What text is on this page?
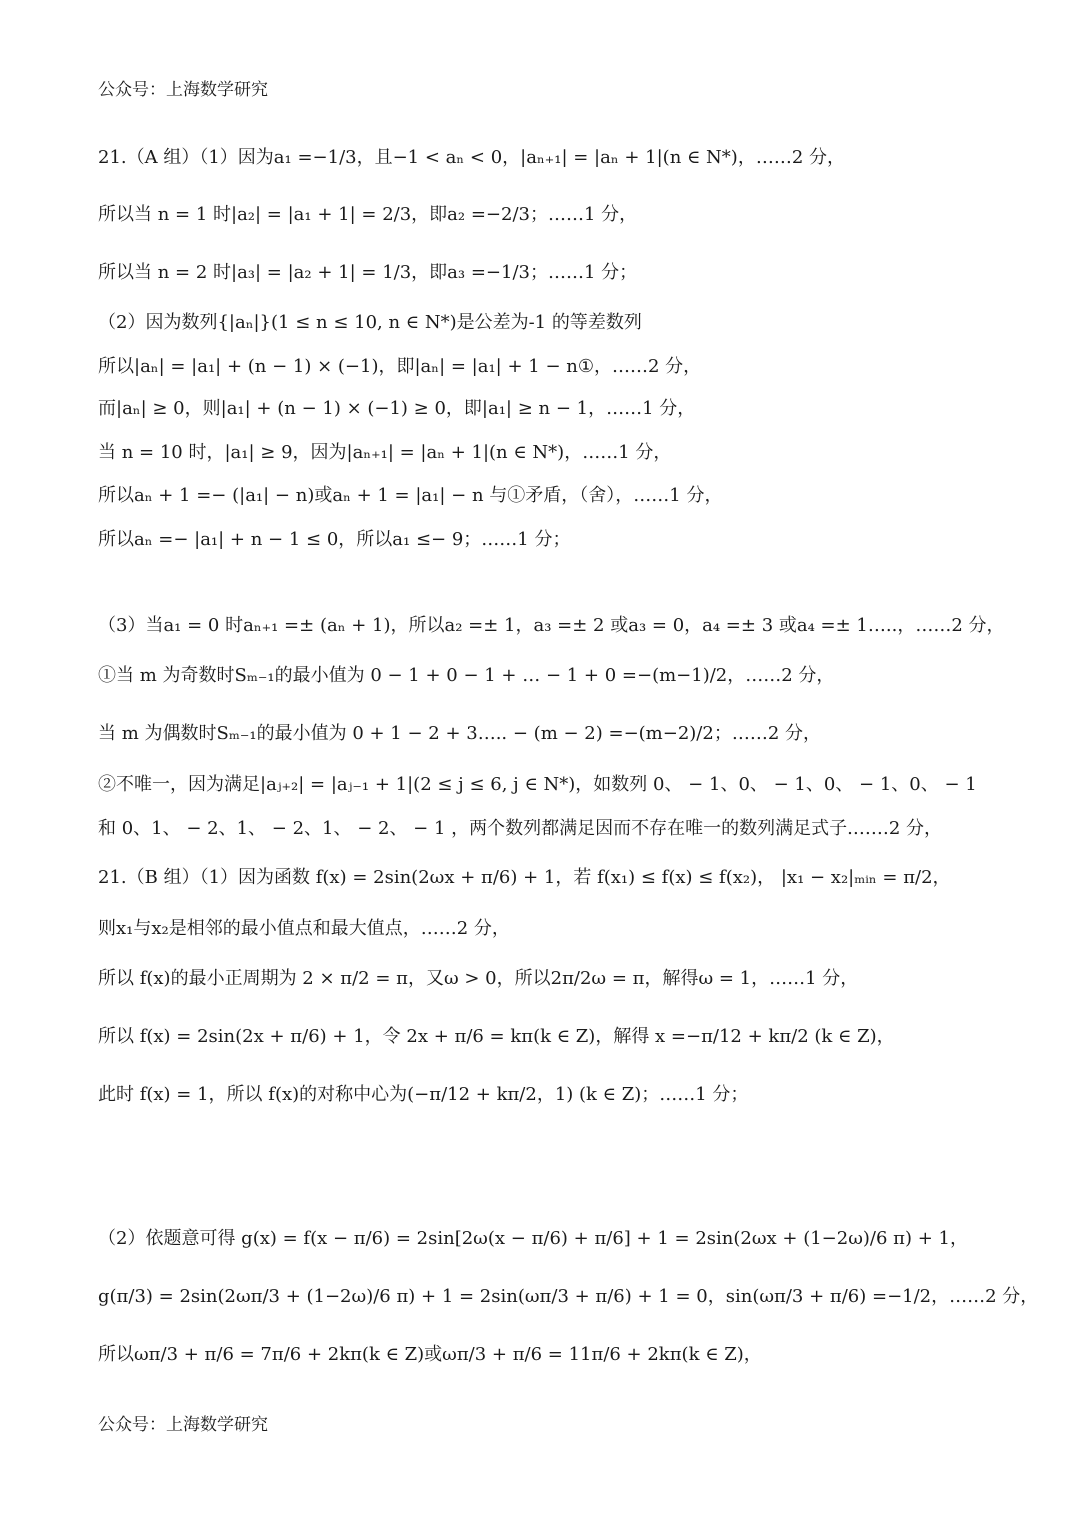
公众号：上海数学研究
21.（A 组）（1）因为a₁ =−1/3，且−1 < aₙ < 0，|aₙ₊₁| = |aₙ + 1|(n ∈ N*)，……2 分，
所以当 n = 1 时|a₂| = |a₁ + 1| = 2/3，即a₂ =−2/3；……1 分，
所以当 n = 2 时|a₃| = |a₂ + 1| = 1/3，即a₃ =−1/3；……1 分；
（2）因为数列{|aₙ|}(1 ≤ n ≤ 10, n ∈ N*)是公差为-1 的等差数列
所以|aₙ| = |a₁| + (n − 1) × (−1)，即|aₙ| = |a₁| + 1 − n①，……2 分，
而|aₙ| ≥ 0，则|a₁| + (n − 1) × (−1) ≥ 0，即|a₁| ≥ n − 1，……1 分，
当 n = 10 时，|a₁| ≥ 9，因为|aₙ₊₁| = |aₙ + 1|(n ∈ N*)，……1 分，
所以aₙ + 1 =− (|a₁| − n)或aₙ + 1 = |a₁| − n 与①矛盾，（舍），……1 分，
所以aₙ =− |a₁| + n − 1 ≤ 0，所以a₁ ≤− 9；……1 分；
（3）当a₁ = 0 时aₙ₊₁ =± (aₙ + 1)，所以a₂ =± 1，a₃ =± 2 或a₃ = 0，a₄ =± 3 或a₄ =± 1…..，……2 分，
①当 m 为奇数时Sₘ₋₁的最小值为 0 − 1 + 0 − 1 + … − 1 + 0 =−(m−1)/2，……2 分，
当 m 为偶数时Sₘ₋₁的最小值为 0 + 1 − 2 + 3….. − (m − 2) =−(m−2)/2；……2 分，
②不唯一，因为满足|aⱼ₊₂| = |aⱼ₋₁ + 1|(2 ≤ j ≤ 6, j ∈ N*)，如数列 0、 − 1、0、 − 1、0、 − 1、0、 − 1
和 0、1、 − 2、1、 − 2、1、 − 2、 − 1 ，两个数列都满足因而不存在唯一的数列满足式子.……2 分，
21.（B 组）（1）因为函数 f(x) = 2sin(2ωx + π/6) + 1，若 f(x₁) ≤ f(x) ≤ f(x₂)， |x₁ − x₂|ₘᵢₙ = π/2，
则x₁与x₂是相邻的最小值点和最大值点，……2 分，
所以 f(x)的最小正周期为 2 × π/2 = π，又ω > 0，所以2π/2ω = π，解得ω = 1，……1 分，
所以 f(x) = 2sin(2x + π/6) + 1，令 2x + π/6 = kπ(k ∈ Z)，解得 x =−π/12 + kπ/2 (k ∈ Z)，
此时 f(x) = 1，所以 f(x)的对称中心为(−π/12 + kπ/2，1) (k ∈ Z)；……1 分；
（2）依题意可得 g(x) = f(x − π/6) = 2sin[2ω(x − π/6) + π/6] + 1 = 2sin(2ωx + (1−2ω)/6 π) + 1，
g(π/3) = 2sin(2ωπ/3 + (1−2ω)/6 π) + 1 = 2sin(ωπ/3 + π/6) + 1 = 0，sin(ωπ/3 + π/6) =−1/2，……2 分，
所以ωπ/3 + π/6 = 7π/6 + 2kπ(k ∈ Z)或ωπ/3 + π/6 = 11π/6 + 2kπ(k ∈ Z)，
公众号：上海数学研究
